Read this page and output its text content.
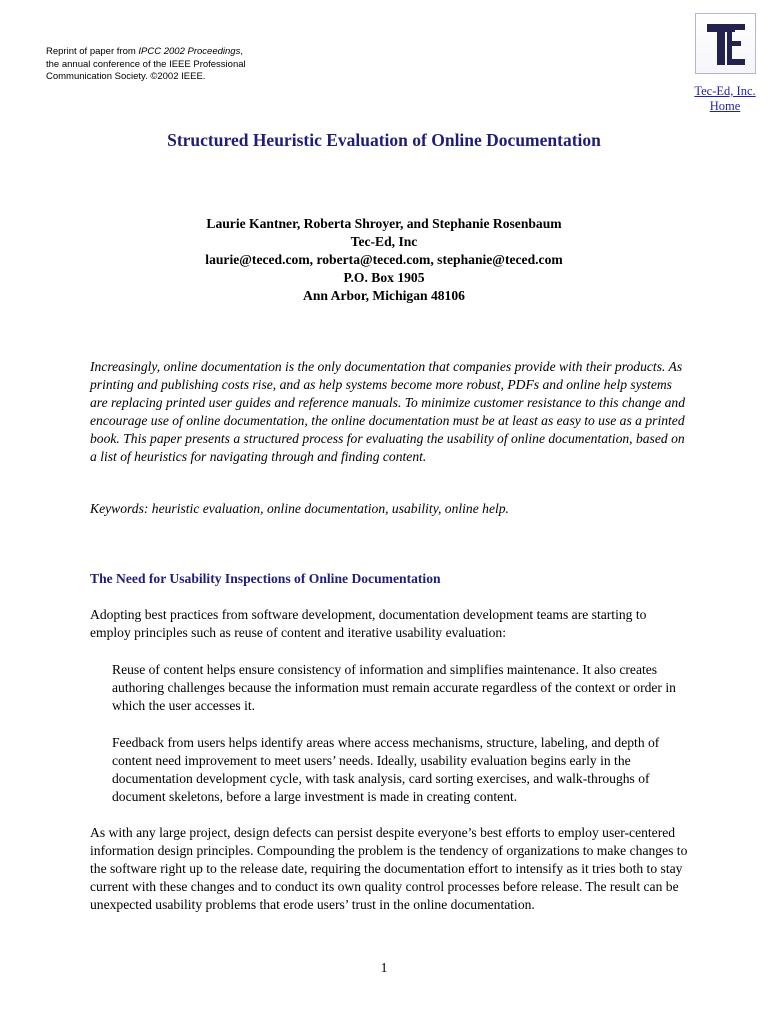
Reprint of paper from IPCC 2002 Proceedings,
the annual conference of the IEEE Professional
Communication Society. ©2002 IEEE.
Tec-Ed, Inc.
Home
Structured Heuristic Evaluation of Online Documentation
Laurie Kantner, Roberta Shroyer, and Stephanie Rosenbaum
Tec-Ed, Inc
laurie@teced.com, roberta@teced.com, stephanie@teced.com
P.O. Box 1905
Ann Arbor, Michigan 48106

Increasingly, online documentation is the only documentation that companies provide with their products. As printing and publishing costs rise, and as help systems become more robust, PDFs and online help systems are replacing printed user guides and reference manuals. To minimize customer resistance to this change and encourage use of online documentation, the online documentation must be at least as easy to use as a printed book. This paper presents a structured process for evaluating the usability of online documentation, based on a list of heuristics for navigating through and finding content.

Keywords: heuristic evaluation, online documentation, usability, online help.

The Need for Usability Inspections of Online Documentation

Adopting best practices from software development, documentation development teams are starting to employ principles such as reuse of content and iterative usability evaluation:

Reuse of content helps ensure consistency of information and simplifies maintenance. It also creates authoring challenges because the information must remain accurate regardless of the context or order in which the user accesses it.

Feedback from users helps identify areas where access mechanisms, structure, labeling, and depth of content need improvement to meet users’ needs. Ideally, usability evaluation begins early in the documentation development cycle, with task analysis, card sorting exercises, and walk-throughs of document skeletons, before a large investment is made in creating content.

As with any large project, design defects can persist despite everyone’s best efforts to employ user-centered information design principles. Compounding the problem is the tendency of organizations to make changes to the software right up to the release date, requiring the documentation effort to intensify as it tries both to stay current with these changes and to conduct its own quality control processes before release. The result can be unexpected usability problems that erode users’ trust in the online documentation.

1
